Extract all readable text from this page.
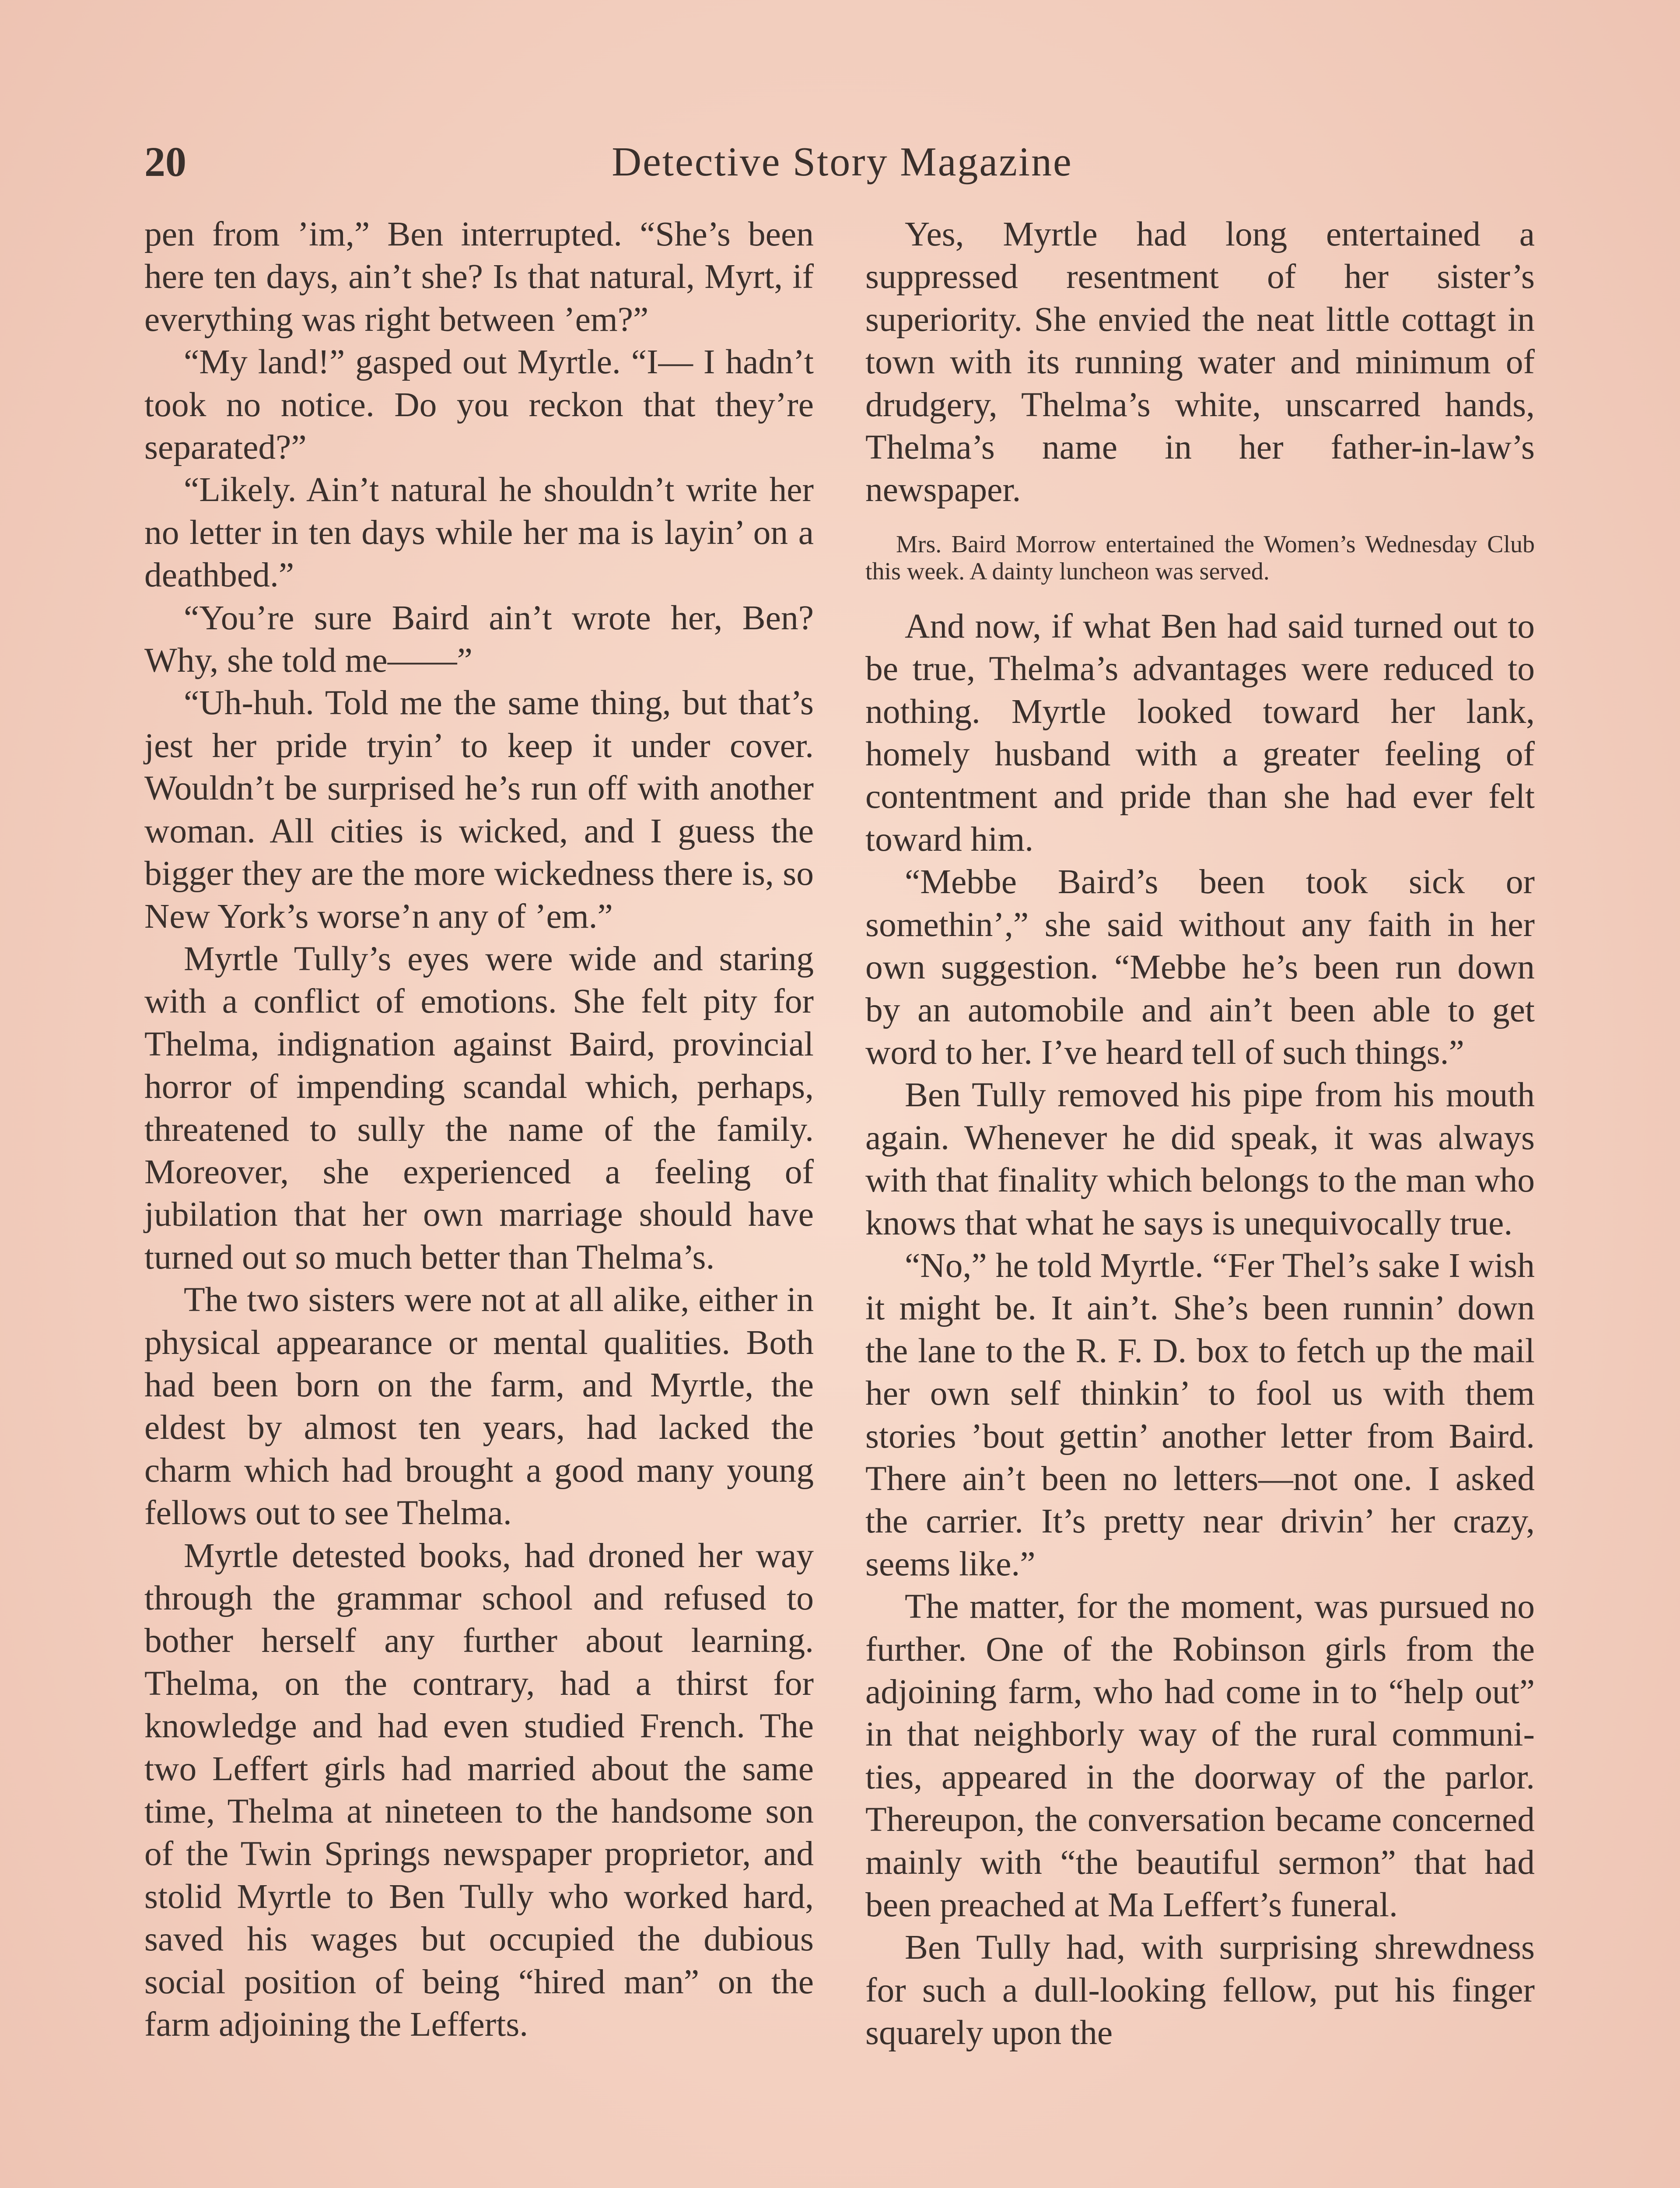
20	Detective Story Magazine

pen from ’im,” Ben interrupted. “She’s been here ten days, ain’t she? Is that natural, Myrt, if everything was right between ’em?”

“My land!” gasped out Myrtle. “I— I hadn’t took no notice. Do you reckon that they’re separated?”

“Likely. Ain’t natural he shouldn’t write her no letter in ten days while her ma is layin’ on a deathbed.”

“You’re sure Baird ain’t wrote her, Ben? Why, she told me——”

“Uh-huh. Told me the same thing, but that’s jest her pride tryin’ to keep it under cover. Wouldn’t be surprised he’s run off with another woman. All cities is wicked, and I guess the bigger they are the more wickedness there is, so New York’s worse’n any of ’em.”

Myrtle Tully’s eyes were wide and staring with a conflict of emotions. She felt pity for Thelma, indignation against Baird, provincial horror of impending scandal which, perhaps, threatened to sully the name of the family. Moreover, she experienced a feeling of jubilation that her own marriage should have turned out so much better than Thelma’s.

The two sisters were not at all alike, either in physical appearance or mental qualities. Both had been born on the farm, and Myrtle, the eldest by almost ten years, had lacked the charm which had brought a good many young fellows out to see Thelma.

Myrtle detested books, had droned her way through the grammar school and refused to bother herself any further about learning. Thelma, on the contrary, had a thirst for knowledge and had even studied French. The two Leffert girls had married about the same time, Thelma at nineteen to the handsome son of the Twin Springs newspaper proprietor, and stolid Myrtle to Ben Tully who worked hard, saved his wages but occupied the dubious social position of being “hired man” on the farm adjoining the Lefferts.

Yes, Myrtle had long entertained a suppressed resentment of her sister’s superiority. She envied the neat little cottagt in town with its running water and minimum of drudgery, Thelma’s white, unscarred hands, Thelma’s name in her father-in-law’s newspaper.

Mrs. Baird Morrow entertained the Women’s Wednesday Club this week. A dainty luncheon was served.

And now, if what Ben had said turned out to be true, Thelma’s advantages were reduced to nothing. Myrtle looked toward her lank, homely husband with a greater feeling of contentment and pride than she had ever felt toward him.

“Mebbe Baird’s been took sick or somethin’,” she said without any faith in her own suggestion. “Mebbe he’s been run down by an automobile and ain’t been able to get word to her. I’ve heard tell of such things.”

Ben Tully removed his pipe from his mouth again. Whenever he did speak, it was always with that finality which belongs to the man who knows that what he says is unequivocally true.

“No,” he told Myrtle. “Fer Thel’s sake I wish it might be. It ain’t. She’s been runnin’ down the lane to the R. F. D. box to fetch up the mail her own self thinkin’ to fool us with them stories ’bout gettin’ another letter from Baird. There ain’t been no letters—not one. I asked the carrier. It’s pretty near drivin’ her crazy, seems like.”

The matter, for the moment, was pursued no further. One of the Robinson girls from the adjoining farm, who had come in to “help out” in that neighborly way of the rural communities, appeared in the doorway of the parlor. Thereupon, the conversation became concerned mainly with “the beautiful sermon” that had been preached at Ma Leffert’s funeral.

Ben Tully had, with surprising shrewdness for such a dull-looking fellow, put his finger squarely upon the
